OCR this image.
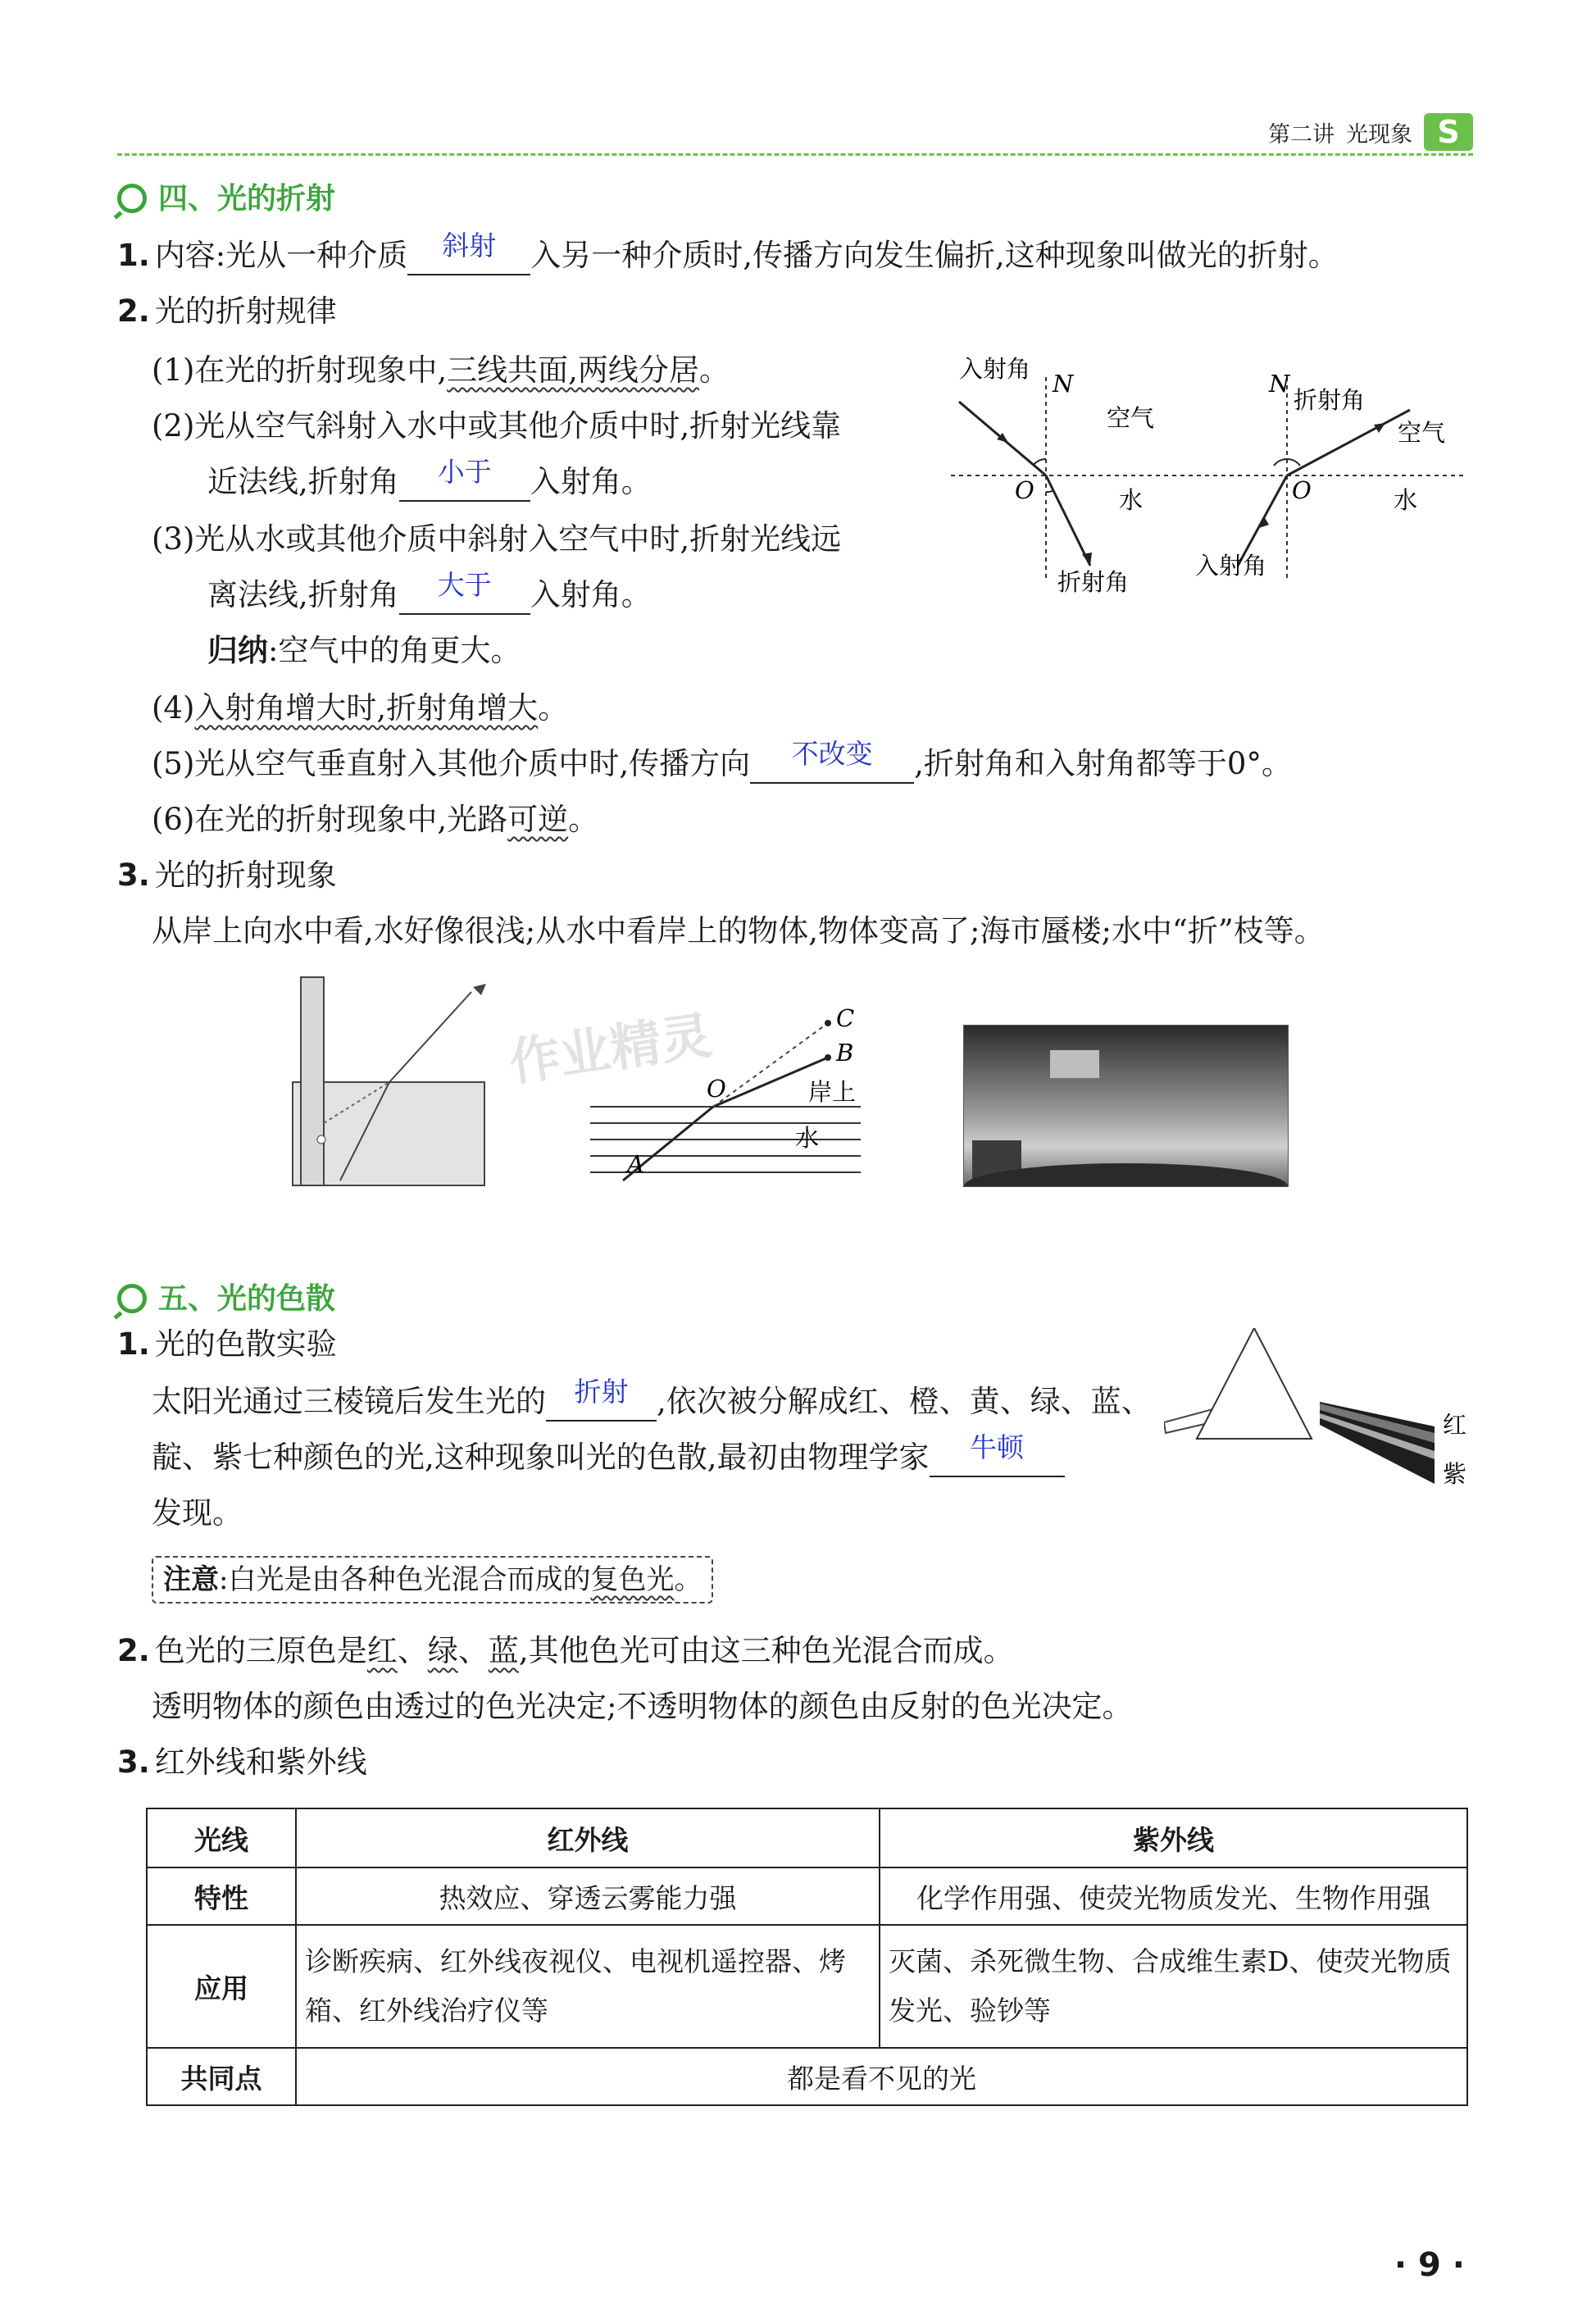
第二讲 光现象 S
四、光的折射
1. 内容:光从一种介质	斜射	入另一种介质时,传播方向发生偏折,这种现象叫做光的折射。
2. 光的折射规律
(1)在光的折射现象中,三线共面,两线分居。
(2)光从空气斜射入水中或其他介质中时,折射光线靠
近法线,折射角	小于	入射角。
(3)光从水或其他介质中斜射入空气中时,折射光线远
离法线,折射角	大于	入射角。
归纳:空气中的角更大。
(4)入射角增大时,折射角增大。
(5)光从空气垂直射入其他介质中时,传播方向	不改变	,折射角和入射角都等于0°。
(6)在光的折射现象中,光路可逆。
入射角
N
空气
O	水
折射角
N
折射角
空气
O	水
入射角
3. 光的折射现象
从岸上向水中看,水好像很浅;从水中看岸上的物体,物体变高了;海市蜃楼;水中“折”枝等。
C
B
O	岸上
水
A
作业精灵
五、光的色散
1. 光的色散实验
太阳光通过三棱镜后发生光的	折射 ,依次被分解成红、橙、黄、绿、蓝、
靛、紫七种颜色的光,这种现象叫光的色散,最初由物理学家	牛顿
发现。
红
紫
注意:白光是由各种色光混合而成的复色光。
2. 色光的三原色是红、绿、蓝,其他色光可由这三种色光混合而成。
透明物体的颜色由透过的色光决定;不透明物体的颜色由反射的色光决定。
3. 红外线和紫外线
光线	红外线	紫外线
特性	热效应、穿透云雾能力强	化学作用强、使荧光物质发光、生物作用强
应用	诊断疾病、红外线夜视仪、电视机遥控器、烤箱、红外线治疗仪等	灭菌、杀死微生物、合成维生素D、使荧光物质发光、验钞等
共同点	都是看不见的光	
· 9 ·
